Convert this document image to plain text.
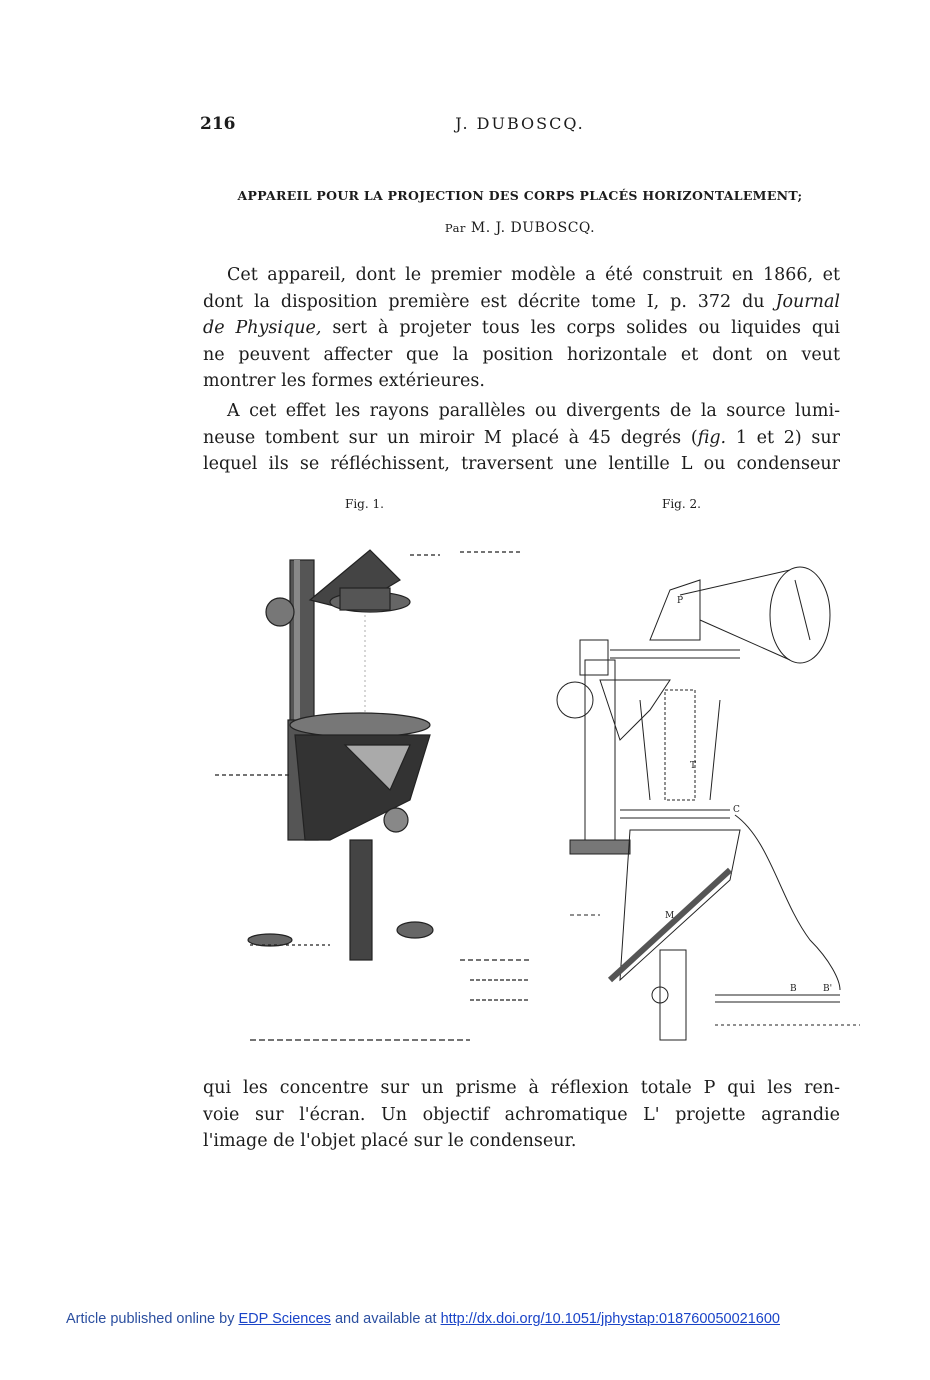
216	J. DUBOSCQ.
APPAREIL POUR LA PROJECTION DES CORPS PLACÉS HORIZONTALEMENT;
Par M. J. DUBOSCQ.
Cet appareil, dont le premier modèle a été construit en 1866, et
dont la disposition première est décrite tome I, p. 372 du Journal
de Physique, sert à projeter tous les corps solides ou liquides qui
ne peuvent affecter que la position horizontale et dont on veut
montrer les formes extérieures.
A cet effet les rayons parallèles ou divergents de la source lumi-
neuse tombent sur un miroir M placé à 45 degrés (fig. 1 et 2) sur
lequel ils se réfléchissent, traversent une lentille L ou condenseur
Fig. 1.	Fig. 2.
P
T
C
M
B	B'
qui les concentre sur un prisme à réflexion totale P qui les ren-
voie sur l'écran. Un objectif achromatique L' projette agrandie
l'image de l'objet placé sur le condenseur.
Article published online by EDP Sciences and available at http://dx.doi.org/10.1051/jphystap:018760050021600
